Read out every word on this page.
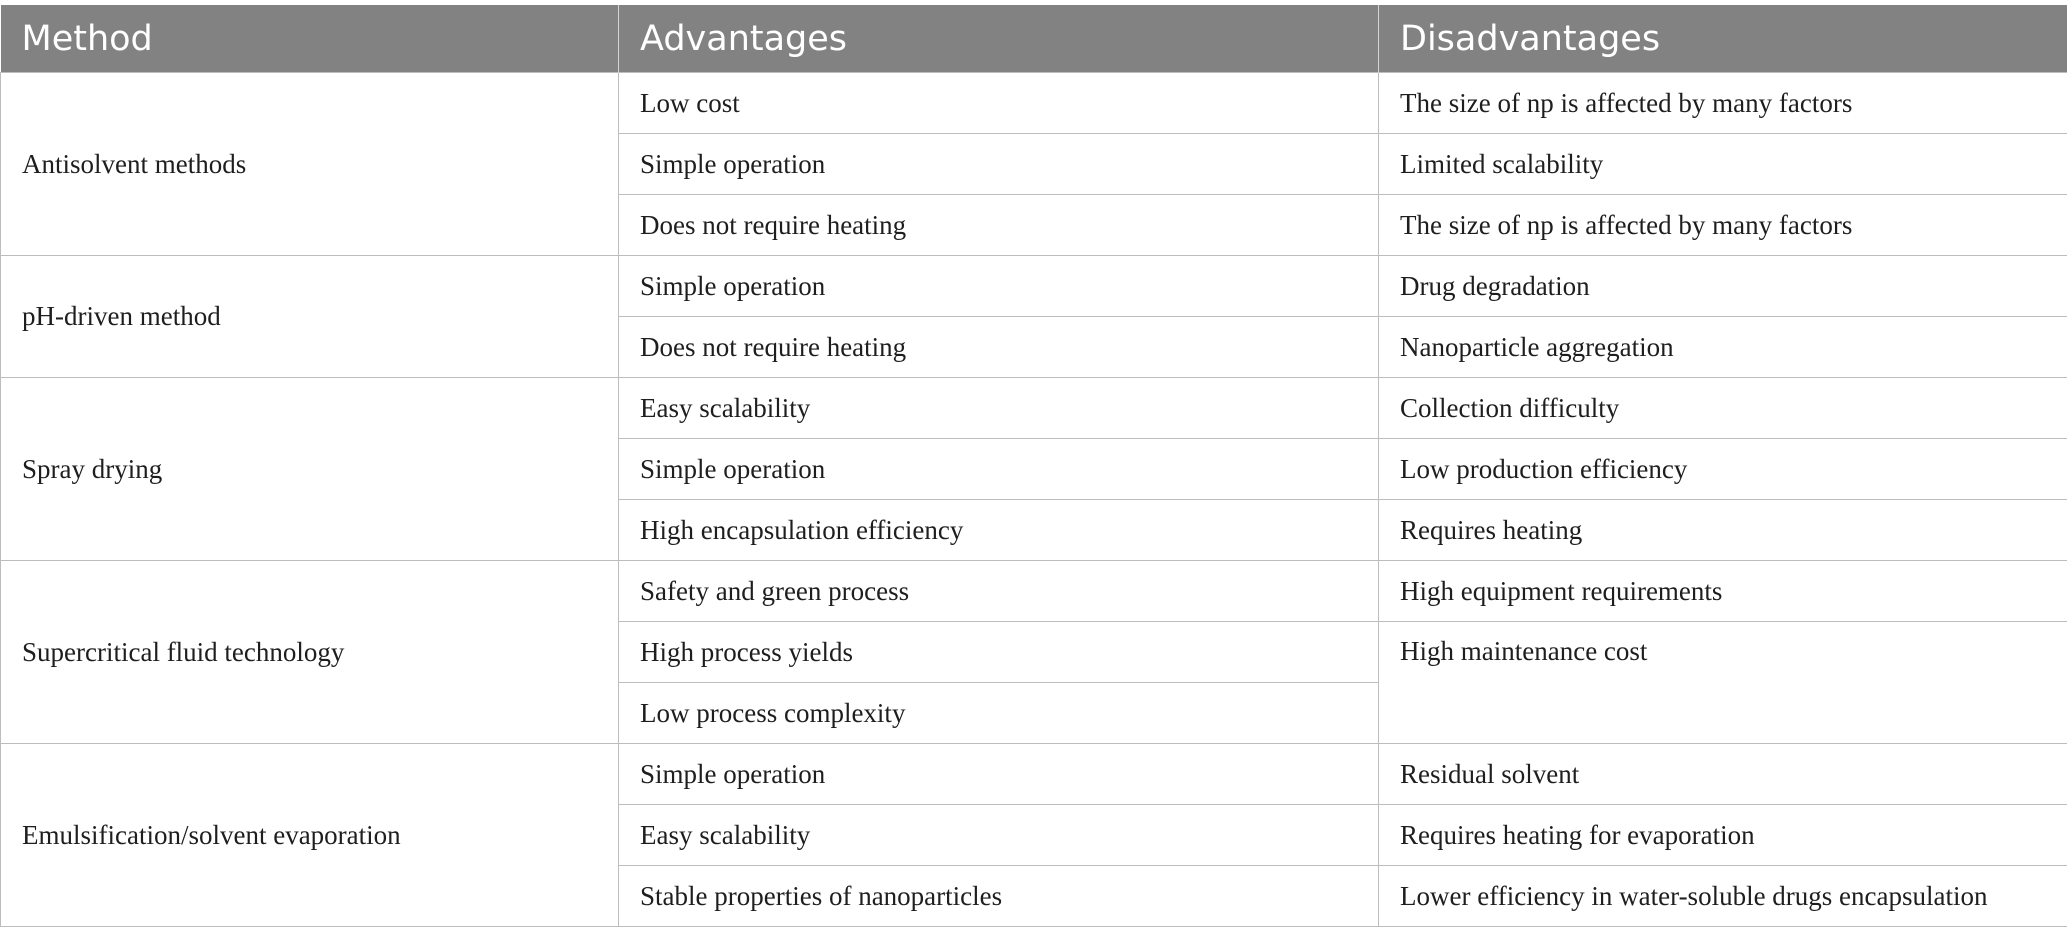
Method	Advantages	Disadvantages
Antisolvent methods	Low cost	The size of np is affected by many factors
	Simple operation	Limited scalability
	Does not require heating	The size of np is affected by many factors
pH-driven method	Simple operation	Drug degradation
	Does not require heating	Nanoparticle aggregation
Spray drying	Easy scalability	Collection difficulty
	Simple operation	Low production efficiency
	High encapsulation efficiency	Requires heating
Supercritical fluid technology	Safety and green process	High equipment requirements
	High process yields	High maintenance cost
	Low process complexity	
Emulsification/solvent evaporation	Simple operation	Residual solvent
	Easy scalability	Requires heating for evaporation
	Stable properties of nanoparticles	Lower efficiency in water-soluble drugs encapsulation
